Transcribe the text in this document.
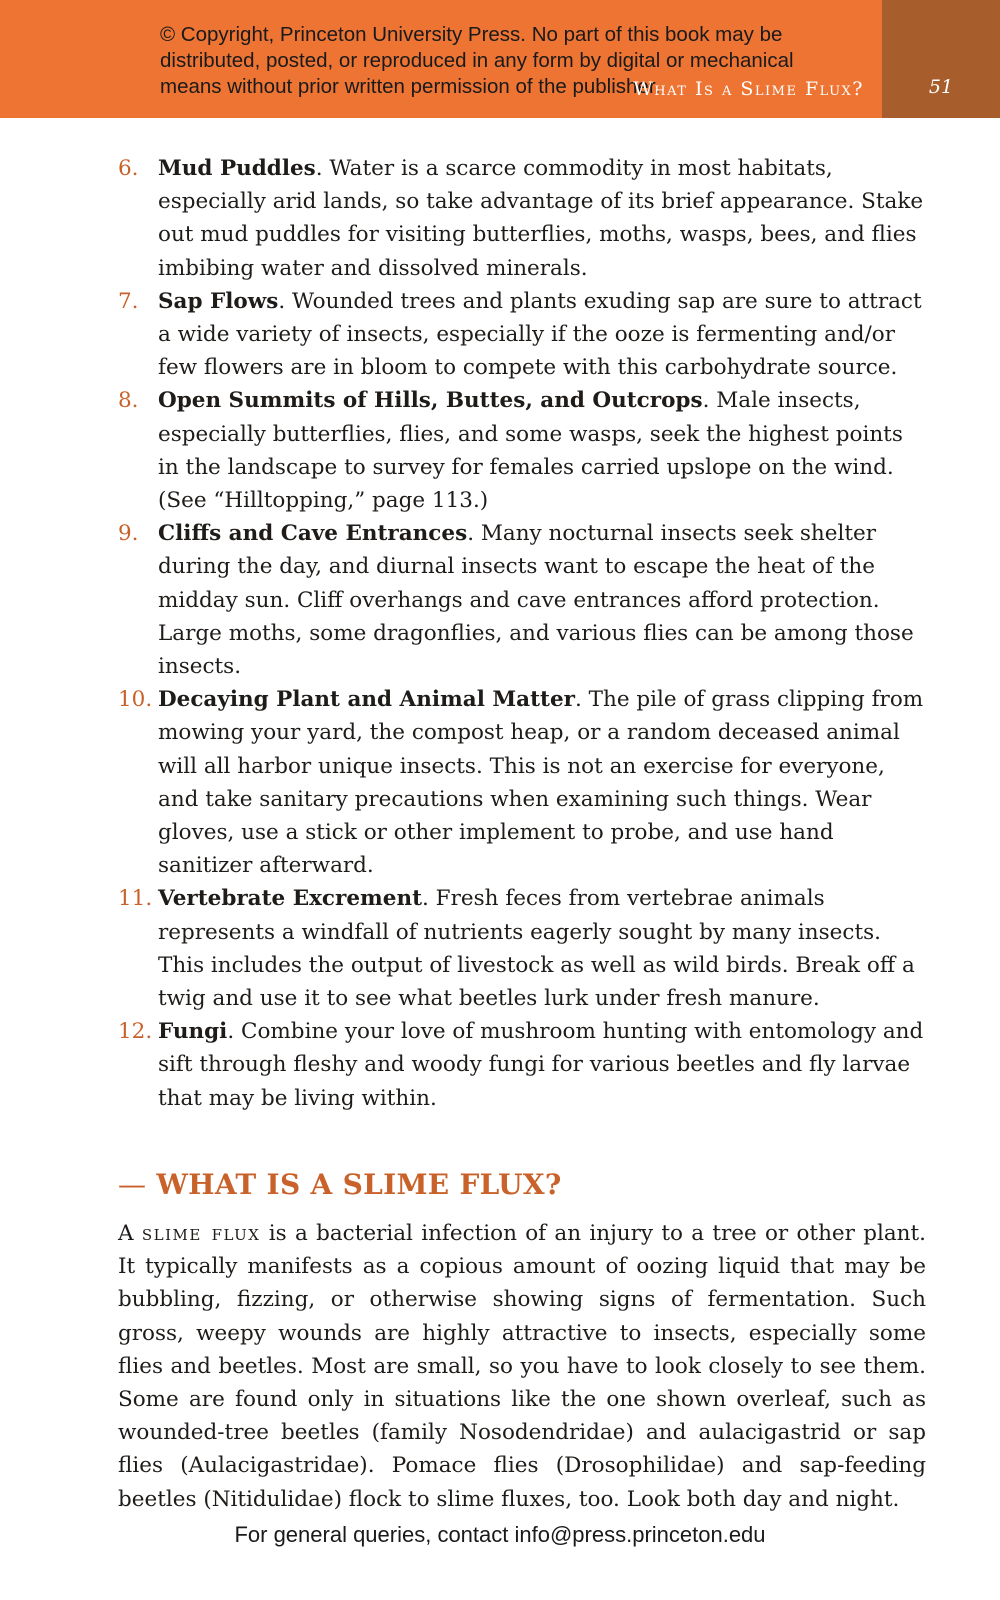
© Copyright, Princeton University Press. No part of this book may be distributed, posted, or reproduced in any form by digital or mechanical means without prior written permission of the publisher.
What Is a Slime Flux?	51
6. Mud Puddles. Water is a scarce commodity in most habitats, especially arid lands, so take advantage of its brief appearance. Stake out mud puddles for visiting butterflies, moths, wasps, bees, and flies imbibing water and dissolved minerals.
7. Sap Flows. Wounded trees and plants exuding sap are sure to attract a wide variety of insects, especially if the ooze is fermenting and/or few flowers are in bloom to compete with this carbohydrate source.
8. Open Summits of Hills, Buttes, and Outcrops. Male insects, especially butterflies, flies, and some wasps, seek the highest points in the landscape to survey for females carried upslope on the wind. (See “Hilltopping,” page 113.)
9. Cliffs and Cave Entrances. Many nocturnal insects seek shelter during the day, and diurnal insects want to escape the heat of the midday sun. Cliff overhangs and cave entrances afford protection. Large moths, some dragonflies, and various flies can be among those insects.
10. Decaying Plant and Animal Matter. The pile of grass clipping from mowing your yard, the compost heap, or a random deceased animal will all harbor unique insects. This is not an exercise for everyone, and take sanitary precautions when examining such things. Wear gloves, use a stick or other implement to probe, and use hand sanitizer afterward.
11. Vertebrate Excrement. Fresh feces from vertebrae animals represents a windfall of nutrients eagerly sought by many insects. This includes the output of livestock as well as wild birds. Break off a twig and use it to see what beetles lurk under fresh manure.
12. Fungi. Combine your love of mushroom hunting with entomology and sift through fleshy and woody fungi for various beetles and fly larvae that may be living within.
— WHAT IS A SLIME FLUX?

A slime flux is a bacterial infection of an injury to a tree or other plant. It typically manifests as a copious amount of oozing liquid that may be bubbling, fizzing, or otherwise showing signs of fermentation. Such gross, weepy wounds are highly attractive to insects, especially some flies and beetles. Most are small, so you have to look closely to see them. Some are found only in situations like the one shown overleaf, such as wounded-tree beetles (family Nosodendridae) and aulacigastrid or sap flies (Aulacigastridae). Pomace flies (Drosophilidae) and sap-feeding beetles (Nitidulidae) flock to slime fluxes, too. Look both day and night.

For general queries, contact info@press.princeton.edu
